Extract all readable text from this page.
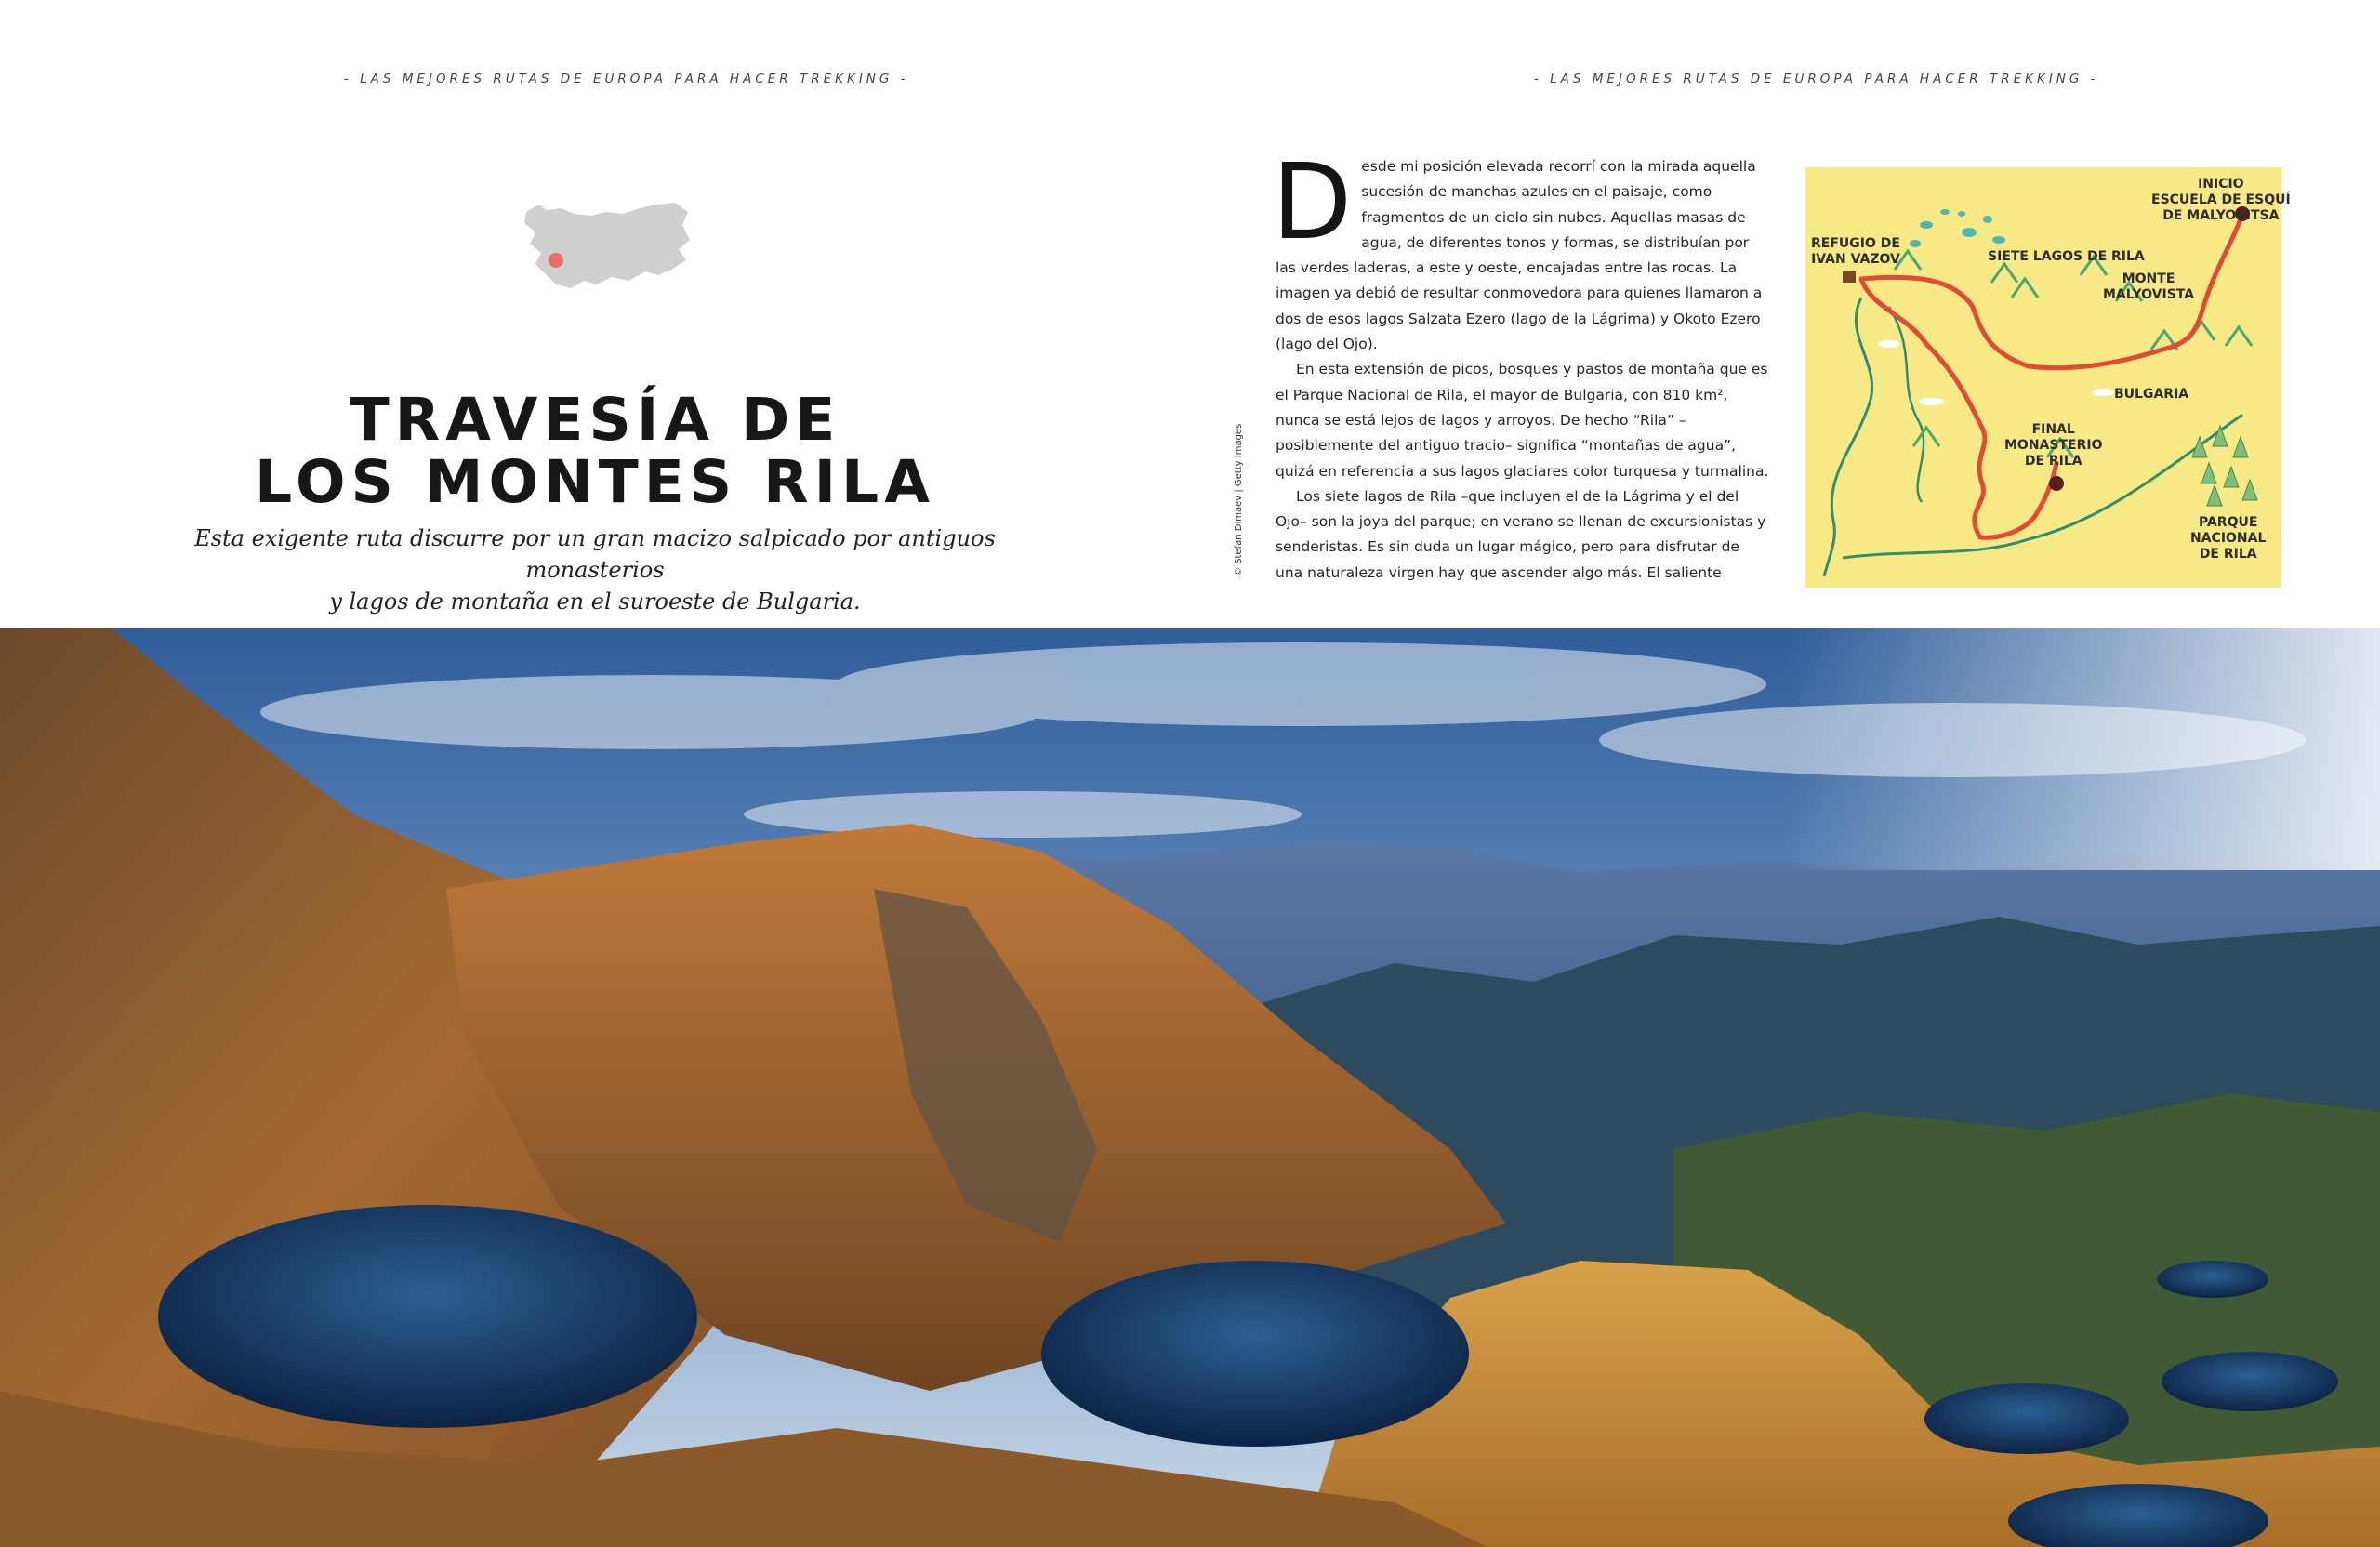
- LAS MEJORES RUTAS DE EUROPA PARA HACER TREKKING -	- LAS MEJORES RUTAS DE EUROPA PARA HACER TREKKING -
TRAVESÍA DE
LOS MONTES RILA
Esta exigente ruta discurre por un gran macizo salpicado por antiguos monasterios
y lagos de montaña en el suroeste de Bulgaria.
© Stefan Dimaev | Getty Images
D esde mi posición elevada recorrí con la mirada aquella sucesión de manchas azules en el paisaje, como fragmentos de un cielo sin nubes. Aquellas masas de agua, de diferentes tonos y formas, se distribuían por las verdes laderas, a este y oeste, encajadas entre las rocas. La imagen ya debió de resultar conmovedora para quienes llamaron a dos de esos lagos Salzata Ezero (lago de la Lágrima) y Okoto Ezero (lago del Ojo).

En esta extensión de picos, bosques y pastos de montaña que es el Parque Nacional de Rila, el mayor de Bulgaria, con 810 km², nunca se está lejos de lagos y arroyos. De hecho “Rila” –posiblemente del antiguo tracio– significa “montañas de agua”, quizá en referencia a sus lagos glaciares color turquesa y turmalina.

Los siete lagos de Rila –que incluyen el de la Lágrima y el del Ojo– son la joya del parque; en verano se llenan de excursionistas y senderistas. Es sin duda un lugar mágico, pero para disfrutar de una naturaleza virgen hay que ascender algo más. El saliente

INICIO
ESCUELA DE ESQUÍ
DE MALYOVITSA
REFUGIO DE
IVAN VAZOV	SIETE LAGOS DE RILA
MONTE
MALYOVISTA
BULGARIA
FINAL
MONASTERIO
DE RILA
PARQUE
NACIONAL
DE RILA
